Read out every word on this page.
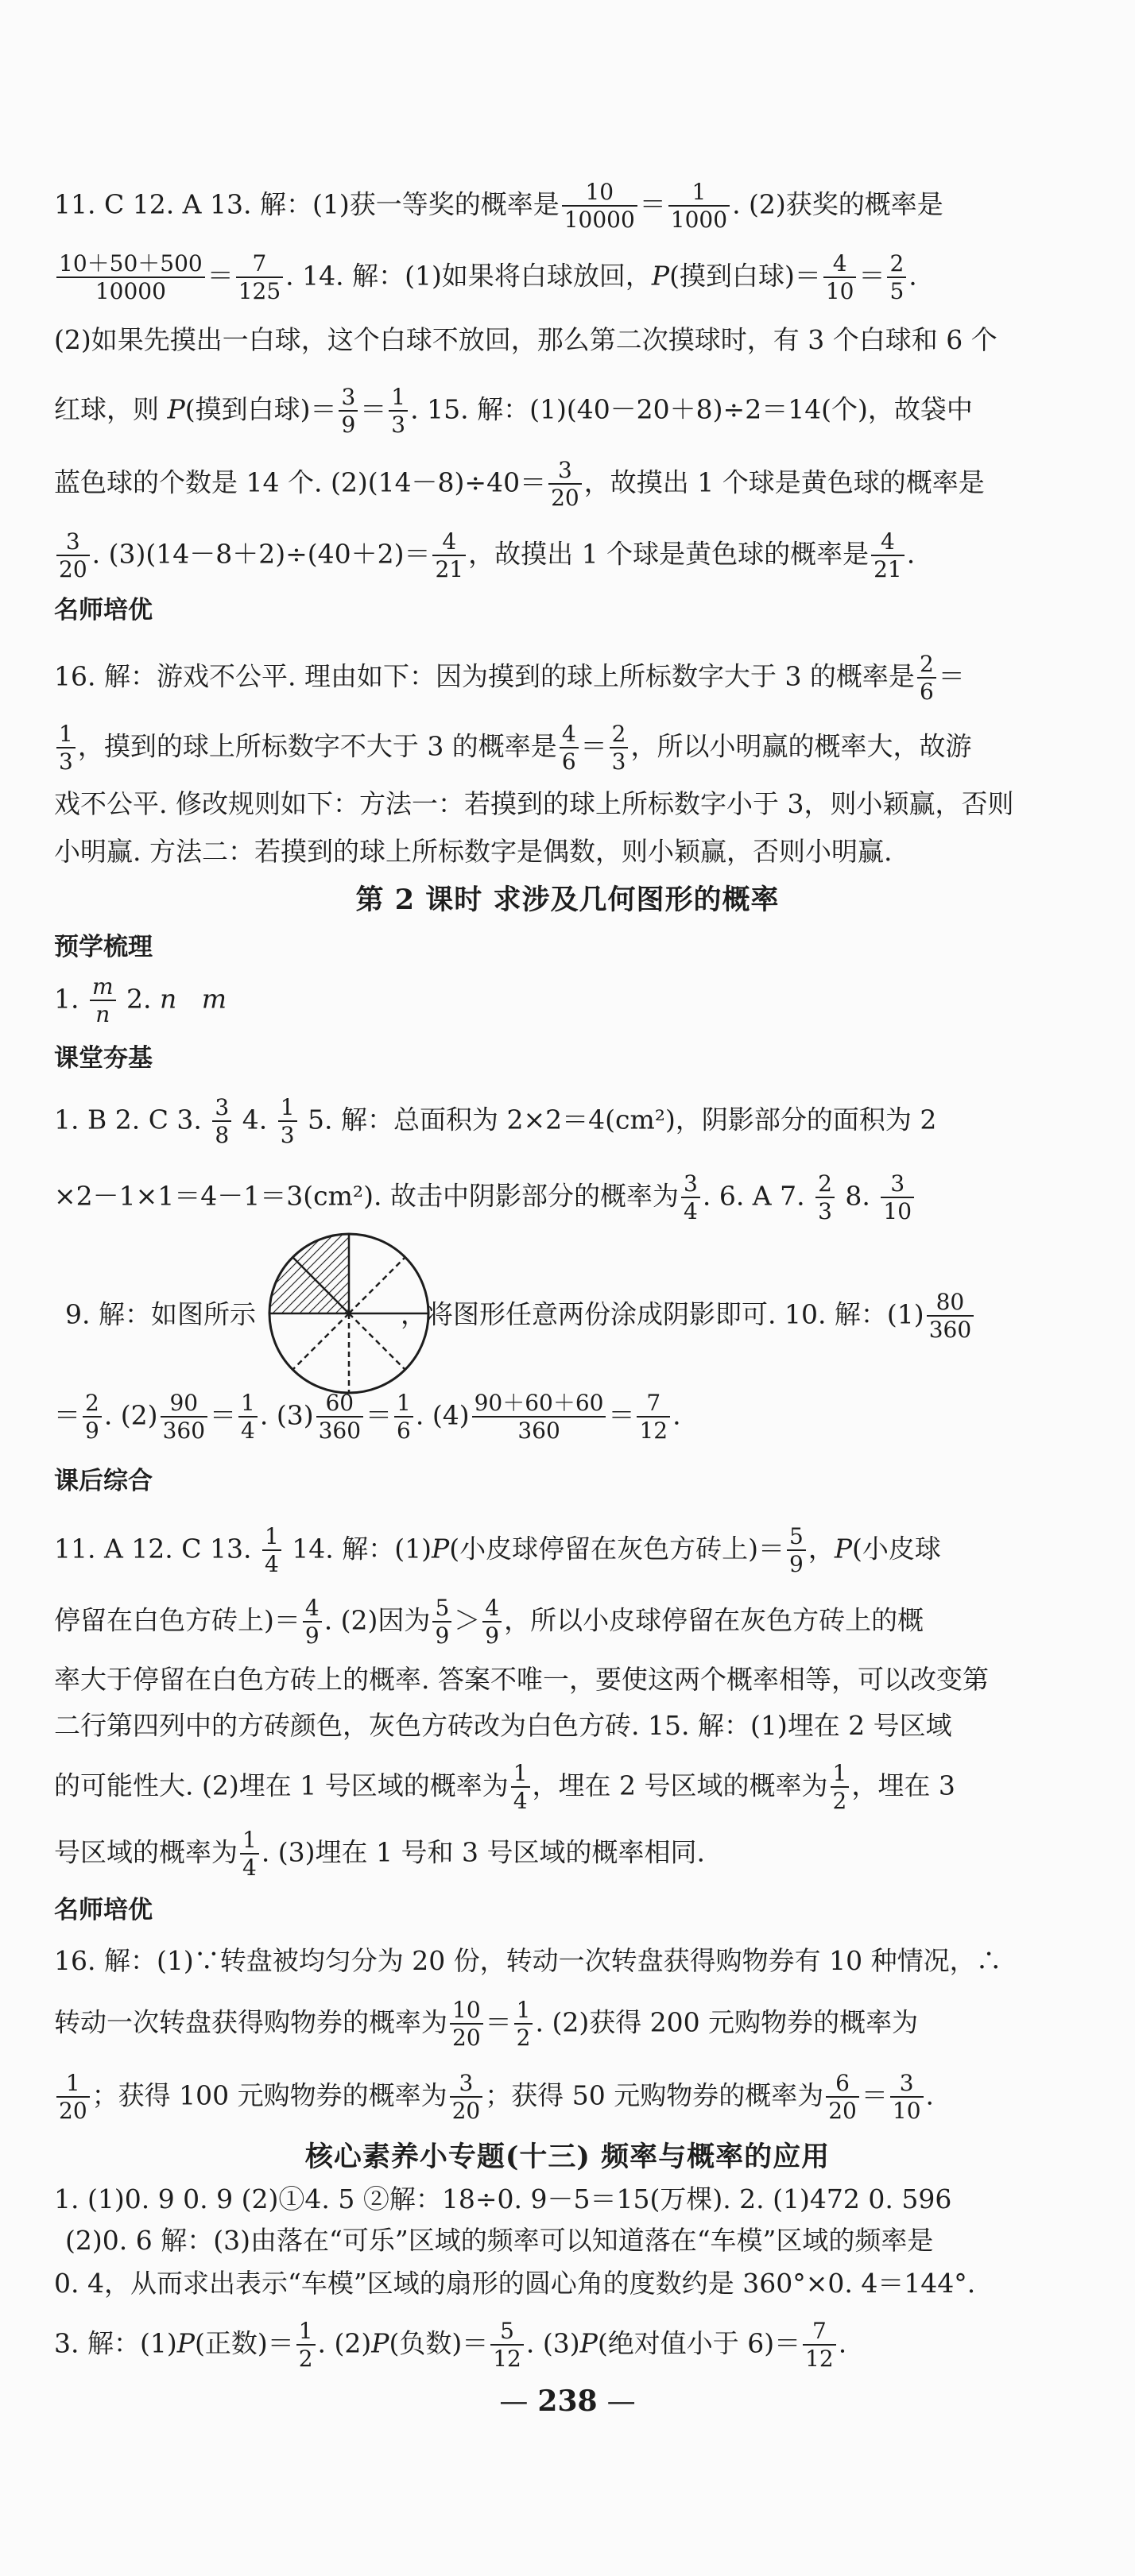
11. C 12. A 13. 解：(1)获一等奖的概率是 $\frac{10}{10000} = \frac{1}{1000}$ . (2)获奖的概率是
$\frac{10+50+500}{10000} = \frac{7}{125}$ . 14. 解：(1)如果将白球放回，P(摸到白球)＝ $\frac{4}{10} = \frac{2}{5}$ .
(2)如果先摸出一白球，这个白球不放回，那么第二次摸球时，有 3 个白球和 6 个
红球，则 P(摸到白球)＝ $\frac{3}{9} = \frac{1}{3}$ . 15. 解：(1)(40－20＋8)÷2＝14(个)，故袋中
蓝色球的个数是 14 个. $(2)(14-8)\div 40= \frac{3}{20}$ ，故摸出 1 个球是黄色球的概率是
$\frac{3}{20}$ . $(3)(14-8+2)\div(40+2)= \frac{4}{21}$ ，故摸出 1 个球是黄色球的概率是 $\frac{4}{21}$ .
名师培优
16. 解：游戏不公平. 理由如下：因为摸到的球上所标数字大于 3 的概率是 $\frac{2}{6}$ ＝
$\frac{1}{3}$ ，摸到的球上所标数字不大于 3 的概率是 $\frac{4}{6} = \frac{2}{3}$ ，所以小明赢的概率大，故游
戏不公平. 修改规则如下：方法一：若摸到的球上所标数字小于 3，则小颖赢，否则
小明赢. 方法二：若摸到的球上所标数字是偶数，则小颖赢，否则小明赢.
第 2 课时 求涉及几何图形的概率
预学梳理
1. $\frac{m}{n} 2$. n m
课堂夯基
1. B 2. C 3. $\frac{3}{8} 4$. $\frac{1}{3} 5$. 解：总面积为 2×2＝4(cm²)，阴影部分的面积为 2
×2－1×1＝4－1＝3(cm²). 故击中阴影部分的概率为 $\frac{3}{4}$ . 6. A 7. $\frac{2}{3} 8$. $\frac{3}{10}$
9. 解：如图所示	，将图形任意两份涂成阴影即可. 10. 解：$(1) \frac{80}{360}$
＝ $\frac{2}{9}$ . $(2) \frac{90}{360} = \frac{1}{4}$ . $(3) \frac{60}{360} = \frac{1}{6}$ . $(4) \frac{90+60+60}{360} = \frac{7}{12}$ .
课后综合
11. A 12. C 13. $\frac{1}{4} 14$. 解：(1)P(小皮球停留在灰色方砖上)＝ $\frac{5}{9}$ ，P(小皮球
停留在白色方砖上)＝ $\frac{4}{9}$ . (2)因为 $\frac{5}{9} > \frac{4}{9}$ ，所以小皮球停留在灰色方砖上的概
率大于停留在白色方砖上的概率. 答案不唯一，要使这两个概率相等，可以改变第
二行第四列中的方砖颜色，灰色方砖改为白色方砖. 15. 解：(1)埋在 2 号区域
的可能性大. (2)埋在 1 号区域的概率为 $\frac{1}{4}$ ，埋在 2 号区域的概率为 $\frac{1}{2}$ ，埋在 3
号区域的概率为 $\frac{1}{4}$ . (3)埋在 1 号和 3 号区域的概率相同.
名师培优
16. 解：(1)∵转盘被均匀分为 20 份，转动一次转盘获得购物券有 10 种情况，∴
转动一次转盘获得购物券的概率为 $\frac{10}{20} = \frac{1}{2}$ . (2)获得 200 元购物券的概率为
$\frac{1}{20}$ ；获得 100 元购物券的概率为 $\frac{3}{20}$ ；获得 50 元购物券的概率为 $\frac{6}{20} = \frac{3}{10}$ .
核心素养小专题(十三) 频率与概率的应用
1. (1)0. 9 0. 9 (2)①4. 5 ②解：18÷0. 9－5＝15(万棵). 2. (1)472 0. 596
(2)0. 6 解：(3)由落在“可乐”区域的频率可以知道落在“车模”区域的频率是
0. 4，从而求出表示“车模”区域的扇形的圆心角的度数约是 360°×0. 4＝144°.
3. 解：(1)P(正数)＝ $\frac{1}{2}$ . (2)P(负数)＝ $\frac{5}{12}$ . (3)P(绝对值小于 $6)= \frac{7}{12}$ .
— 238 —
